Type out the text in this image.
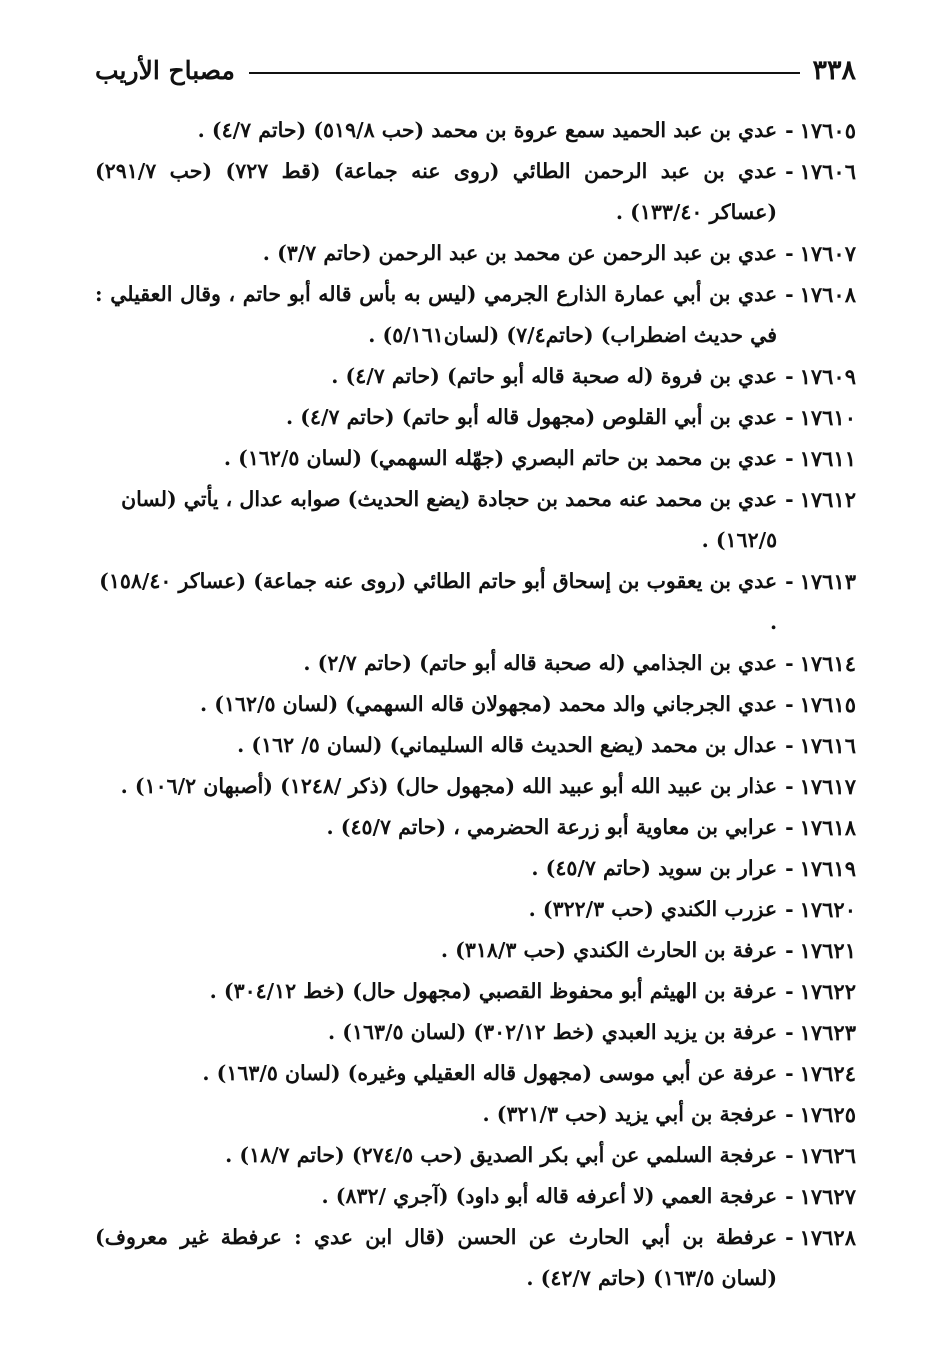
٣٣٨
مصباح الأريب
١٧٦٠٥
-
عدي بن عبد الحميد سمع عروة بن محمد (حب ٥١٩/٨) (حاتم ٤/٧) .
١٧٦٠٦
-
عدي بن عبد الرحمن الطائي (روى عنه جماعة) (قط ٧٢٧) (حب ٢٩١/٧) (عساكر ١٣٣/٤٠) .
١٧٦٠٧
-
عدي بن عبد الرحمن عن محمد بن عبد الرحمن (حاتم ٣/٧) .
١٧٦٠٨
-
عدي بن أبي عمارة الذارع الجرمي (ليس به بأس قاله أبو حاتم ، وقال العقيلي : في حديث اضطراب) (حاتم٧/٤) (لسان٥/١٦١) .
١٧٦٠٩
-
عدي بن فروة (له صحبة قاله أبو حاتم) (حاتم ٤/٧) .
١٧٦١٠
-
عدي بن أبي القلوص (مجهول قاله أبو حاتم) (حاتم ٤/٧) .
١٧٦١١
-
عدي بن محمد بن حاتم البصري (جهّله السهمي) (لسان ١٦٢/٥) .
١٧٦١٢
-
عدي بن محمد عنه محمد بن حجادة (يضع الحديث) صوابه عدال ، يأتي (لسان ١٦٢/٥) .
١٧٦١٣
-
عدي بن يعقوب بن إسحاق أبو حاتم الطائي (روى عنه جماعة) (عساكر ١٥٨/٤٠) .
١٧٦١٤
-
عدي بن الجذامي (له صحبة قاله أبو حاتم) (حاتم ٢/٧) .
١٧٦١٥
-
عدي الجرجاني والد محمد (مجهولان قاله السهمي) (لسان ١٦٢/٥) .
١٧٦١٦
-
عدال بن محمد (يضع الحديث قاله السليماني) (لسان ٥/ ١٦٢) .
١٧٦١٧
-
عذار بن عبيد الله أبو عبيد الله (مجهول حال) (ذكر /١٢٤٨) (أصبهان ١٠٦/٢) .
١٧٦١٨
-
عرابي بن معاوية أبو زرعة الحضرمي ، (حاتم ٤٥/٧) .
١٧٦١٩
-
عرار بن سويد (حاتم ٤٥/٧) .
١٧٦٢٠
-
عزرب الكندي (حب ٣٢٢/٣) .
١٧٦٢١
-
عرفة بن الحارث الكندي (حب ٣١٨/٣) .
١٧٦٢٢
-
عرفة بن الهيثم أبو محفوظ القصبي (مجهول حال) (خط ٣٠٤/١٢) .
١٧٦٢٣
-
عرفة بن يزيد العبدي (خط ٣٠٢/١٢) (لسان ١٦٣/٥) .
١٧٦٢٤
-
عرفة عن أبي موسى (مجهول قاله العقيلي وغيره) (لسان ١٦٣/٥) .
١٧٦٢٥
-
عرفجة بن أبي يزيد (حب ٣٢١/٣) .
١٧٦٢٦
-
عرفجة السلمي عن أبي بكر الصديق (حب ٢٧٤/٥) (حاتم ١٨/٧) .
١٧٦٢٧
-
عرفجة العمي (لا أعرفه قاله أبو داود) (آجري /٨٣٢) .
١٧٦٢٨
-
عرفطة بن أبي الحارث عن الحسن (قال ابن عدي : عرفطة غير معروف) (لسان ١٦٣/٥) (حاتم ٤٢/٧) .
